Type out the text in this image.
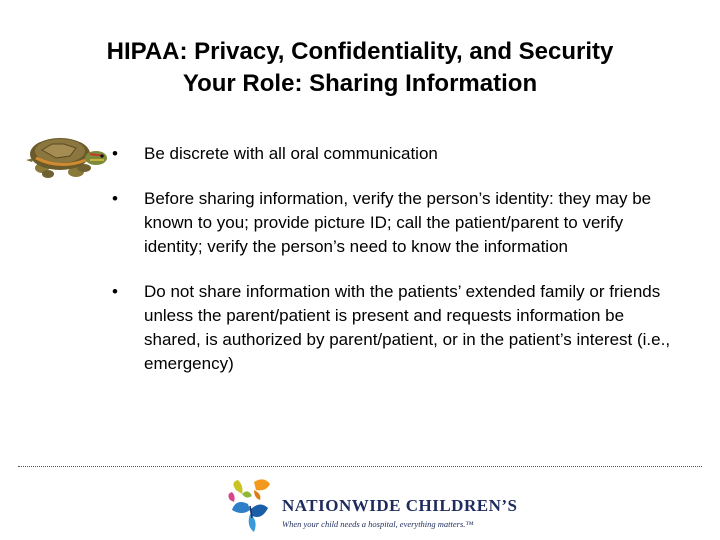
HIPAA: Privacy, Confidentiality, and Security
Your Role: Sharing Information
• Be discrete with all oral communication
• Before sharing information, verify the person’s identity: they may be known to you; provide picture ID; call the patient/parent to verify identity; verify the person’s need to know the information
• Do not share information with the patients’ extended family or friends unless the parent/patient is present and requests information be shared, is authorized by parent/patient, or in the patient’s interest (i.e., emergency)
NATIONWIDE CHILDREN’S
When your child needs a hospital, everything matters.™
